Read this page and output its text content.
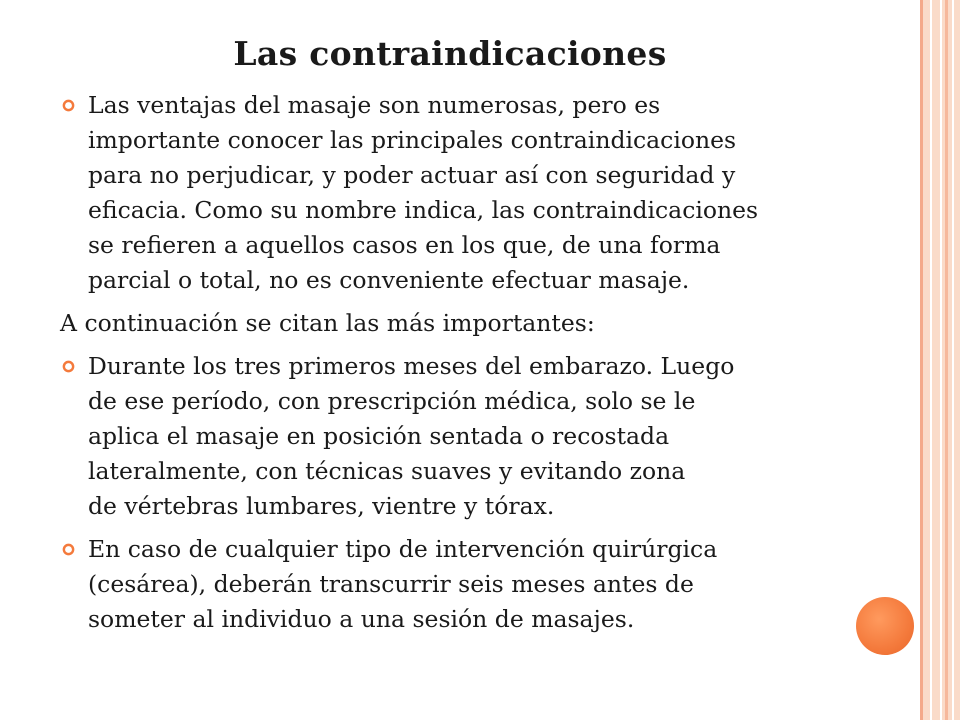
Las contraindicaciones
Las ventajas del masaje son numerosas, pero es
importante conocer las principales contraindicaciones
para no perjudicar, y poder actuar así con seguridad y
eficacia. Como su nombre indica, las contraindicaciones
se refieren a aquellos casos en los que, de una forma
parcial o total, no es conveniente efectuar masaje.
A continuación se citan las más importantes:
Durante los tres primeros meses del embarazo. Luego
de ese período, con prescripción médica, solo se le
aplica el masaje en posición sentada o recostada
lateralmente, con técnicas suaves y evitando zona
de vértebras lumbares, vientre y tórax.
En caso de cualquier tipo de intervención quirúrgica
(cesárea), deberán transcurrir seis meses antes de
someter al individuo a una sesión de masajes.
